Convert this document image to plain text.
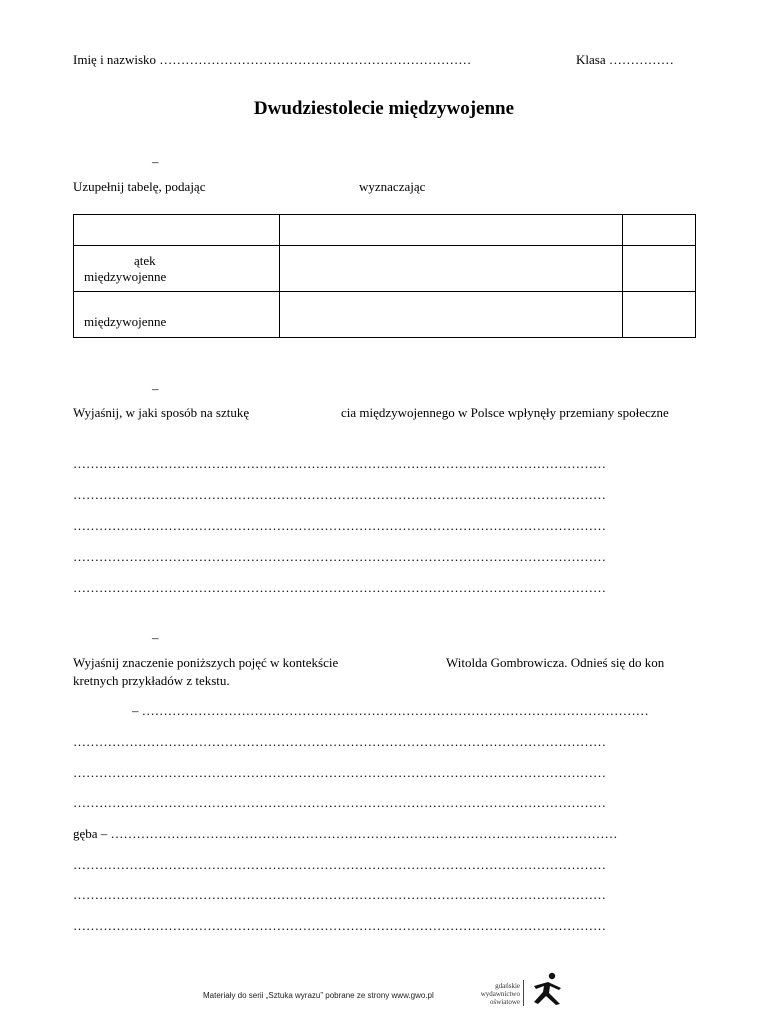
Imię i nazwisko ………………………………………………………………	Klasa ……………
Dwudziestolecie międzywojenne
–
Uzupełnij tabelę, podając	wyznaczając

ątek
międzywojenne		

międzywojenne		

–
Wyjaśnij, w jaki sposób na sztukę	cia międzywojennego w Polsce wpłynęły przemiany społeczne
……………………………………………………………………………………………………………
……………………………………………………………………………………………………………
……………………………………………………………………………………………………………
……………………………………………………………………………………………………………
……………………………………………………………………………………………………………
–
Wyjaśnij znaczenie poniższych pojęć w kontekście	Witolda Gombrowicza. Odnieś się do kon
kretnych przykładów z tekstu.
– ………………………………………………………………………………………………………
……………………………………………………………………………………………………………
……………………………………………………………………………………………………………
……………………………………………………………………………………………………………
gęba – ………………………………………………………………………………………………………
……………………………………………………………………………………………………………
……………………………………………………………………………………………………………
……………………………………………………………………………………………………………
Materiały do serii „Sztuka wyrazu” pobrane ze strony www.gwo.pl
gdańskie
wydawnictwo
oświatowe
